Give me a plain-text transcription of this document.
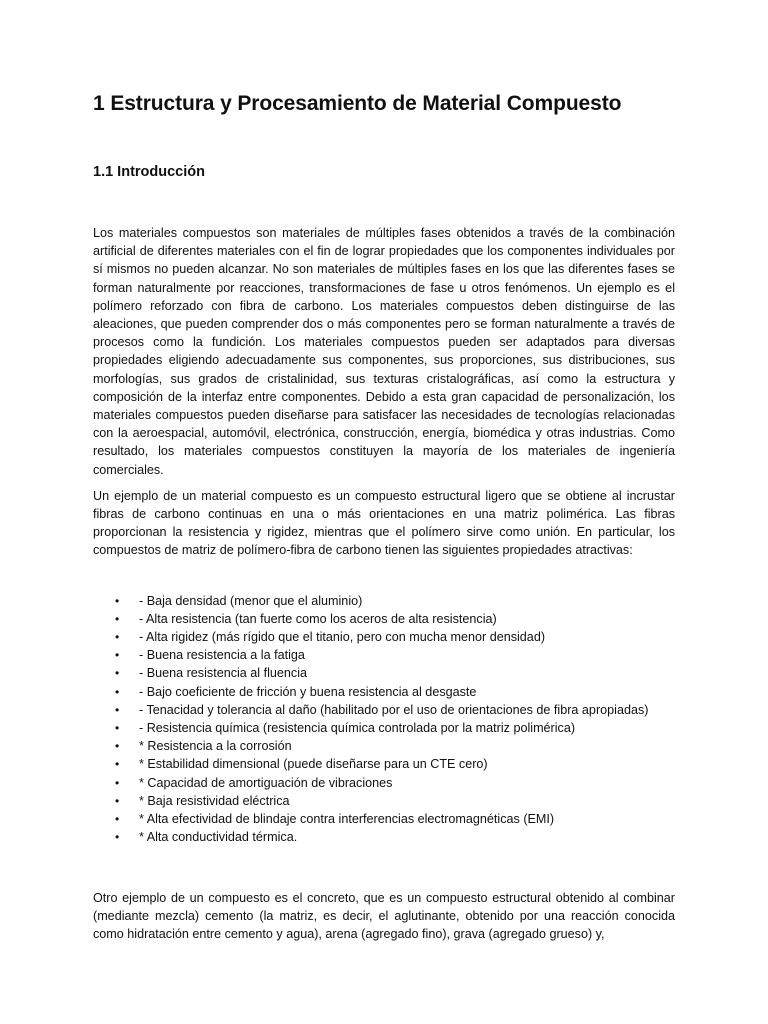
1 Estructura y Procesamiento de Material Compuesto
1.1 Introducción

Los materiales compuestos son materiales de múltiples fases obtenidos a través de la combinación artificial de diferentes materiales con el fin de lograr propiedades que los componentes individuales por sí mismos no pueden alcanzar. No son materiales de múltiples fases en los que las diferentes fases se forman naturalmente por reacciones, transformaciones de fase u otros fenómenos. Un ejemplo es el polímero reforzado con fibra de carbono. Los materiales compuestos deben distinguirse de las aleaciones, que pueden comprender dos o más componentes pero se forman naturalmente a través de procesos como la fundición. Los materiales compuestos pueden ser adaptados para diversas propiedades eligiendo adecuadamente sus componentes, sus proporciones, sus distribuciones, sus morfologías, sus grados de cristalinidad, sus texturas cristalográficas, así como la estructura y composición de la interfaz entre componentes. Debido a esta gran capacidad de personalización, los materiales compuestos pueden diseñarse para satisfacer las necesidades de tecnologías relacionadas con la aeroespacial, automóvil, electrónica, construcción, energía, biomédica y otras industrias. Como resultado, los materiales compuestos constituyen la mayoría de los materiales de ingeniería comerciales.

Un ejemplo de un material compuesto es un compuesto estructural ligero que se obtiene al incrustar fibras de carbono continuas en una o más orientaciones en una matriz polimérica. Las fibras proporcionan la resistencia y rigidez, mientras que el polímero sirve como unión. En particular, los compuestos de matriz de polímero-fibra de carbono tienen las siguientes propiedades atractivas:

• - Baja densidad (menor que el aluminio)
• - Alta resistencia (tan fuerte como los aceros de alta resistencia)
• - Alta rigidez (más rígido que el titanio, pero con mucha menor densidad)
• - Buena resistencia a la fatiga
• - Buena resistencia al fluencia
• - Bajo coeficiente de fricción y buena resistencia al desgaste
• - Tenacidad y tolerancia al daño (habilitado por el uso de orientaciones de fibra apropiadas)
• - Resistencia química (resistencia química controlada por la matriz polimérica)
• * Resistencia a la corrosión
• * Estabilidad dimensional (puede diseñarse para un CTE cero)
• * Capacidad de amortiguación de vibraciones
• * Baja resistividad eléctrica
• * Alta efectividad de blindaje contra interferencias electromagnéticas (EMI)
• * Alta conductividad térmica.

Otro ejemplo de un compuesto es el concreto, que es un compuesto estructural obtenido al combinar (mediante mezcla) cemento (la matriz, es decir, el aglutinante, obtenido por una reacción conocida como hidratación entre cemento y agua), arena (agregado fino), grava (agregado grueso) y,
